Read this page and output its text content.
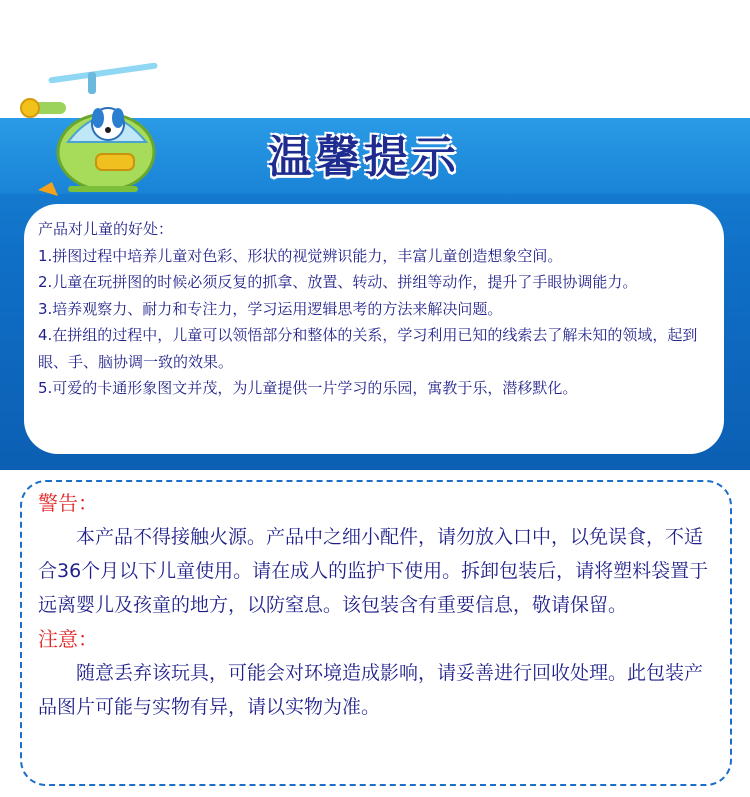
温馨提示

产品对儿童的好处：

1.拼图过程中培养儿童对色彩、形状的视觉辨识能力，丰富儿童创造想象空间。

2.儿童在玩拼图的时候必须反复的抓拿、放置、转动、拼组等动作，提升了手眼协调能力。

3.培养观察力、耐力和专注力，学习运用逻辑思考的方法来解决问题。

4.在拼组的过程中，儿童可以领悟部分和整体的关系，学习利用已知的线索去了解未知的领域，起到眼、手、脑协调一致的效果。

5.可爱的卡通形象图文并茂，为儿童提供一片学习的乐园，寓教于乐，潜移默化。

警告：

本产品不得接触火源。产品中之细小配件，请勿放入口中，以免误食，不适合36个月以下儿童使用。请在成人的监护下使用。拆卸包装后，请将塑料袋置于远离婴儿及孩童的地方，以防窒息。该包装含有重要信息，敬请保留。

注意：

随意丢弃该玩具，可能会对环境造成影响，请妥善进行回收处理。此包装产品图片可能与实物有异，请以实物为准。
